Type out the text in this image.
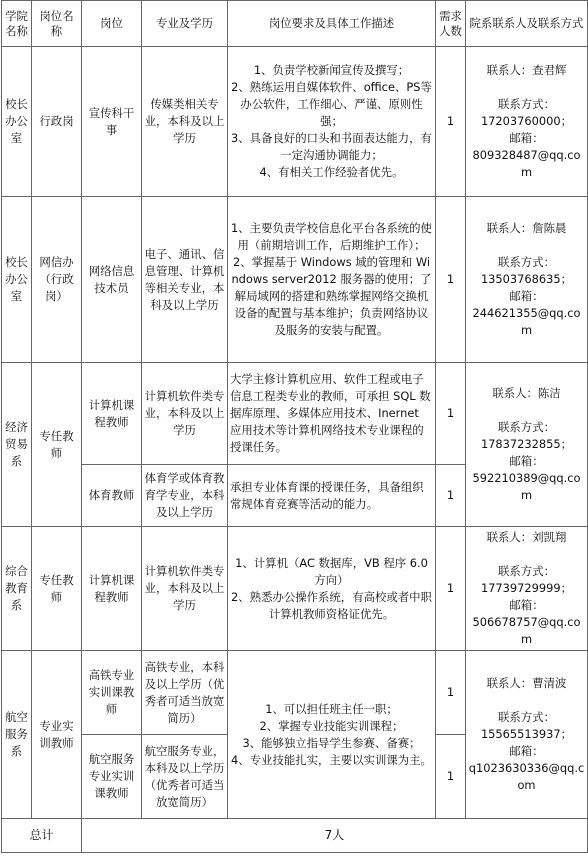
学院名称	岗位名称	岗位	专业及学历	岗位要求及具体工作描述	需求人数	院系联系人及联系方式
校长办公室	行政岗	宣传科干事	传媒类相关专业，本科及以上学历	1、负责学校新闻宣传及撰写；
2、熟练运用自媒体软件、office、PS等办公软件，工作细心、严谨、原则性强；
3、具备良好的口头和书面表达能力，有一定沟通协调能力；
4、有相关工作经验者优先。	1	联系人：查君辉
联系方式：
17203760000；
邮箱：
809328487@qq.com

校长办公室	网信办（行政岗）	网络信息技术员	电子、通讯、信息管理、计算机等相关专业，本科及以上学历	1、主要负责学校信息化平台各系统的使用（前期培训工作，后期维护工作）；
2、掌握基于 Windows 域的管理和 Windows server2012 服务器的使用；了解局域网的搭建和熟练掌握网络交换机设备的配置与基本维护；负责网络协议及服务的安装与配置。	1	联系人：詹陈晨
联系方式：
13503768635；
邮箱：
244621355@qq.com

经济贸易系	专任教师	计算机课程教师	计算机软件类专业，本科及以上学历	大学主修计算机应用、软件工程或电子信息工程类专业的教师，可承担 SQL 数据库原理、多媒体应用技术、Inernet 应用技术等计算机网络技术专业课程的授课任务。	1	联系人：陈洁
联系方式：
17837232855；
邮箱：
592210389@qq.com

		体育教师	体育学或体育教育学专业，本科及以上学历	承担专业体育课的授课任务，具备组织常规体育竞赛等活动的能力。	1	
综合教育系	专任教师	计算机课程教师	计算机软件类专业，本科及以上学历	1、计算机（AC 数据库，VB 程序 6.0 方向）
2、熟悉办公操作系统，有高校或者中职计算机教师资格证优先。	1	联系人：刘凯翔
联系方式：
17739729999；
邮箱：
506678757@qq.com

航空服务系	专业实训教师	高铁专业实训课教师	高铁专业，本科及以上学历（优秀者可适当放宽简历）	1、可以担任班主任一职；
2、掌握专业技能实训课程；
3、能够独立指导学生参赛、备赛；
4、专业技能扎实，主要以实训课为主。	1	联系人：曹清波
联系方式：
15565513937；
邮箱：
q1023630336@qq.com

		航空服务专业实训课教师	航空服务专业，本科及以上学历（优秀者可适当放宽简历）		1	
总计		7人				
